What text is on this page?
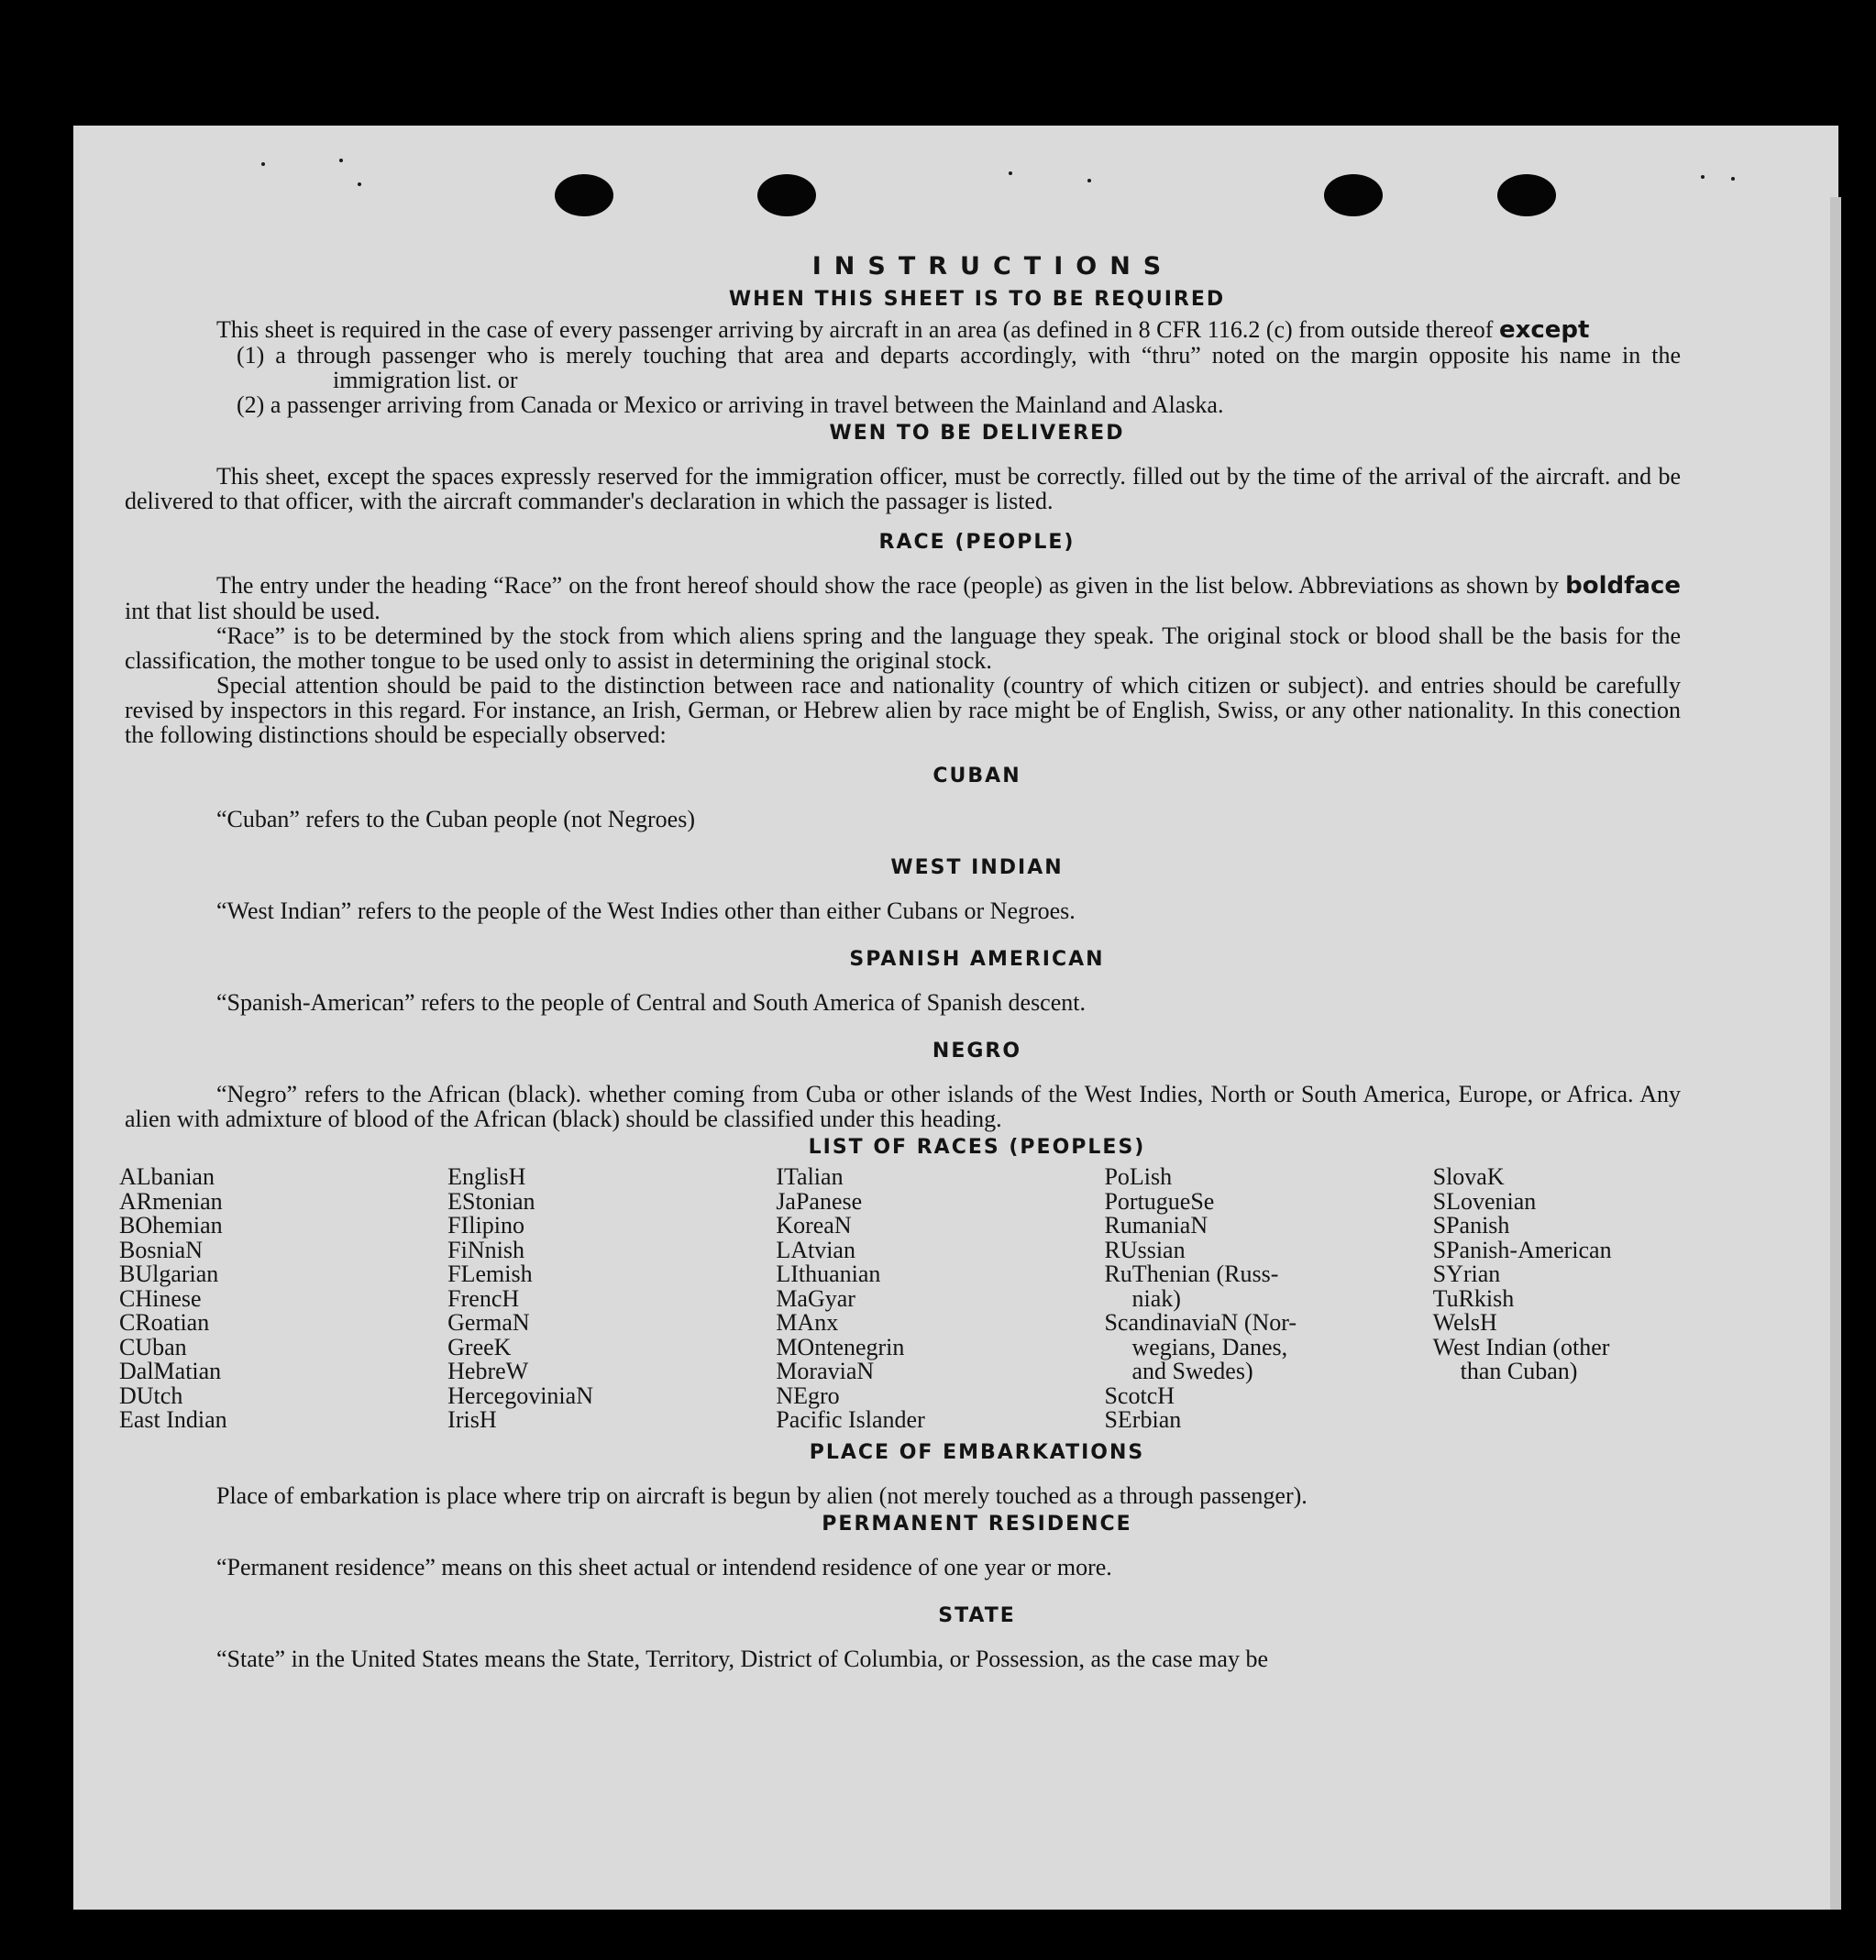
INSTRUCTIONS
WHEN THIS SHEET IS TO BE REQUIRED

This sheet is required in the case of every passenger arriving by aircraft in an area (as defined in 8 CFR 116.2 (c) from outside thereof except

(1) a through passenger who is merely touching that area and departs accordingly, with “thru” noted on the margin opposite his name in the immigration list. or

(2) a passenger arriving from Canada or Mexico or arriving in travel between the Mainland and Alaska.

WEN TO BE DELIVERED

This sheet, except the spaces expressly reserved for the immigration officer, must be correctly. filled out by the time of the arrival of the aircraft. and be delivered to that officer, with the aircraft commander's declaration in which the passager is listed.

RACE (PEOPLE)

The entry under the heading “Race” on the front hereof should show the race (people) as given in the list below. Abbreviations as shown by boldface int that list should be used.

“Race” is to be determined by the stock from which aliens spring and the language they speak. The original stock or blood shall be the basis for the classification, the mother tongue to be used only to assist in determining the original stock.

Special attention should be paid to the distinction between race and nationality (country of which citizen or subject). and entries should be carefully revised by inspectors in this regard. For instance, an Irish, German, or Hebrew alien by race might be of English, Swiss, or any other nationality. In this conection the following distinctions should be especially observed:

CUBAN

“Cuban” refers to the Cuban people (not Negroes)

WEST INDIAN

“West Indian” refers to the people of the West Indies other than either Cubans or Negroes.

SPANISH AMERICAN

“Spanish-American” refers to the people of Central and South America of Spanish descent.

NEGRO

“Negro” refers to the African (black). whether coming from Cuba or other islands of the West Indies, North or South America, Europe, or Africa. Any alien with admixture of blood of the African (black) should be classified under this heading.

LIST OF RACES (PEOPLES)
ALbanian
ARmenian
BOhemian
BosniaN
BUlgarian
CHinese
CRoatian
CUban
DalMatian
DUtch
East Indian
EnglisH
EStonian
FIlipino
FiNnish
FLemish
FrencH
GermaN
GreeK
HebreW
HercegoviniaN
IrisH
ITalian
JaPanese
KoreaN
LAtvian
LIthuanian
MaGyar
MAnx
MOntenegrin
MoraviaN
NEgro
Pacific Islander
PoLish
PortugueSe
RumaniaN
RUssian
RuThenian (Russ-
niak)
ScandinaviaN (Nor-
wegians, Danes,
and Swedes)
ScotcH
SErbian
SlovaK
SLovenian
SPanish
SPanish-American
SYrian
TuRkish
WelsH
West Indian (other
than Cuban)
PLACE OF EMBARKATIONS

Place of embarkation is place where trip on aircraft is begun by alien (not merely touched as a through passenger).

PERMANENT RESIDENCE

“Permanent residence” means on this sheet actual or intendend residence of one year or more.

STATE

“State” in the United States means the State, Territory, District of Columbia, or Possession, as the case may be
